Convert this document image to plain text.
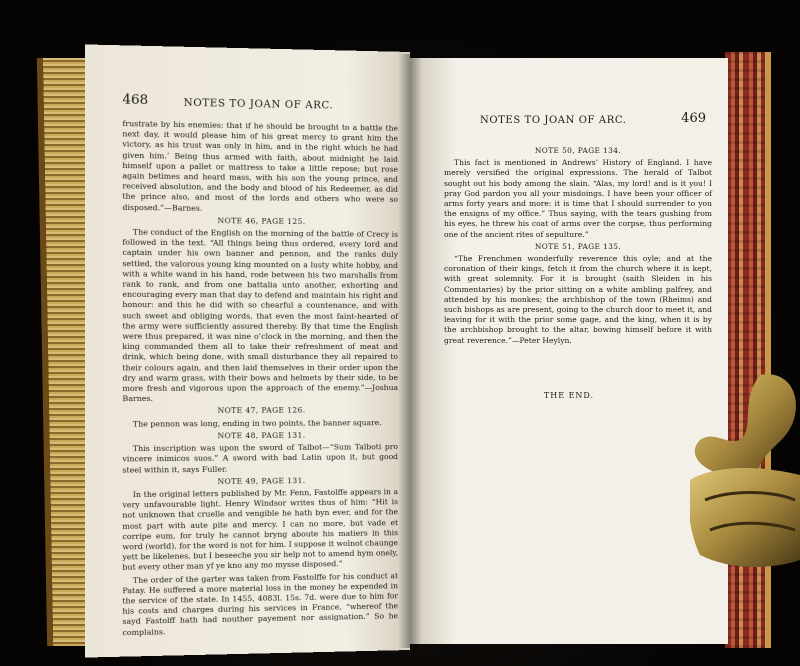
468	NOTES TO JOAN OF ARC.

frustrate by his enemies: that if he should be brought to a battle the next day, it would please him of his great mercy to grant him the victory, as his trust was only in him, and in the right which he had given him.’ Being thus armed with faith, about midnight he laid himself upon a pallet or mattress to take a little repose; but rose again betimes and heard mass, with his son the young prince, and received absolution, and the body and blood of his Redeemer, as did the prince also, and most of the lords and others who were so disposed.”—Barnes.

NOTE 46, PAGE 125.

The conduct of the English on the morning of the battle of Crecy is followed in the text. “All things being thus ordered, every lord and captain under his own banner and pennon, and the ranks duly settled, the valorous young king mounted on a lusty white hobby, and with a white wand in his hand, rode between his two marshalls from rank to rank, and from one battalia unto another, exhorting and encouraging every man that day to defend and maintain his right and honour: and this he did with so chearful a countenance, and with such sweet and obliging words, that even the most faint-hearted of the army were sufficiently assured thereby. By that time the English were thus prepared, it was nine o’clock in the morning, and then the king commanded them all to take their refreshment of meat and drink, which being done, with small disturbance they all repaired to their colours again, and then laid themselves in their order upon the dry and warm grass, with their bows and helmets by their side, to be more fresh and vigorous upon the approach of the enemy.”—Joshua Barnes.

NOTE 47, PAGE 126.

The pennon was long, ending in two points, the banner square.

NOTE 48, PAGE 131.

This inscription was upon the sword of Talbot—“Sum Talboti pro vincere inimicos suos.” A sword with bad Latin upon it, but good steel within it, says Fuller.

NOTE 49, PAGE 131.

In the original letters published by Mr. Fenn, Fastolffe appears in a very unfavourable light. Henry Windsor writes thus of him: “Hit is not unknown that cruelle and vengible he hath byn ever, and for the most part with aute pite and mercy. I can no more, but vade et corripe eum, for truly he cannot bryng aboute his matiers in this word (world), for the word is not for him. I suppose it wolnot chaunge yett be likelenes, but I beseeche you sir help not to amend hym onely, but every other man yf ye kno any mo mysse disposed.”

The order of the garter was taken from Fastolffe for his conduct at Patay. He suffered a more material loss in the money he expended in the service of the state. In 1455, 4083l. 15s. 7d. were due to him for his costs and charges during his services in France, “whereof the sayd Fastolff hath had nouther payement nor assignation.” So he complains.

NOTES TO JOAN OF ARC.	469

NOTE 50, PAGE 134.

This fact is mentioned in Andrews’ History of England. I have merely versified the original expressions. The herald of Talbot sought out his body among the slain. “Alas, my lord! and is it you! I pray God pardon you all your misdoings. I have been your officer of arms forty years and more: it is time that I should surrender to you the ensigns of my office.” Thus saying, with the tears gushing from his eyes, he threw his coat of arms over the corpse, thus performing one of the ancient rites of sepulture.”

NOTE 51, PAGE 135.

“The Frenchmen wonderfully reverence this oyle; and at the coronation of their kings, fetch it from the church where it is kept, with great solemnity. For it is brought (saith Sleiden in his Commentaries) by the prior sitting on a white ambling palfrey, and attended by his monkes; the archbishop of the town (Rheims) and such bishops as are present, going to the church door to meet it, and leaving for it with the prior some gage, and the king, when it is by the archbishop brought to the altar, bowing himself before it with great reverence.”—Peter Heylyn.

THE END.
